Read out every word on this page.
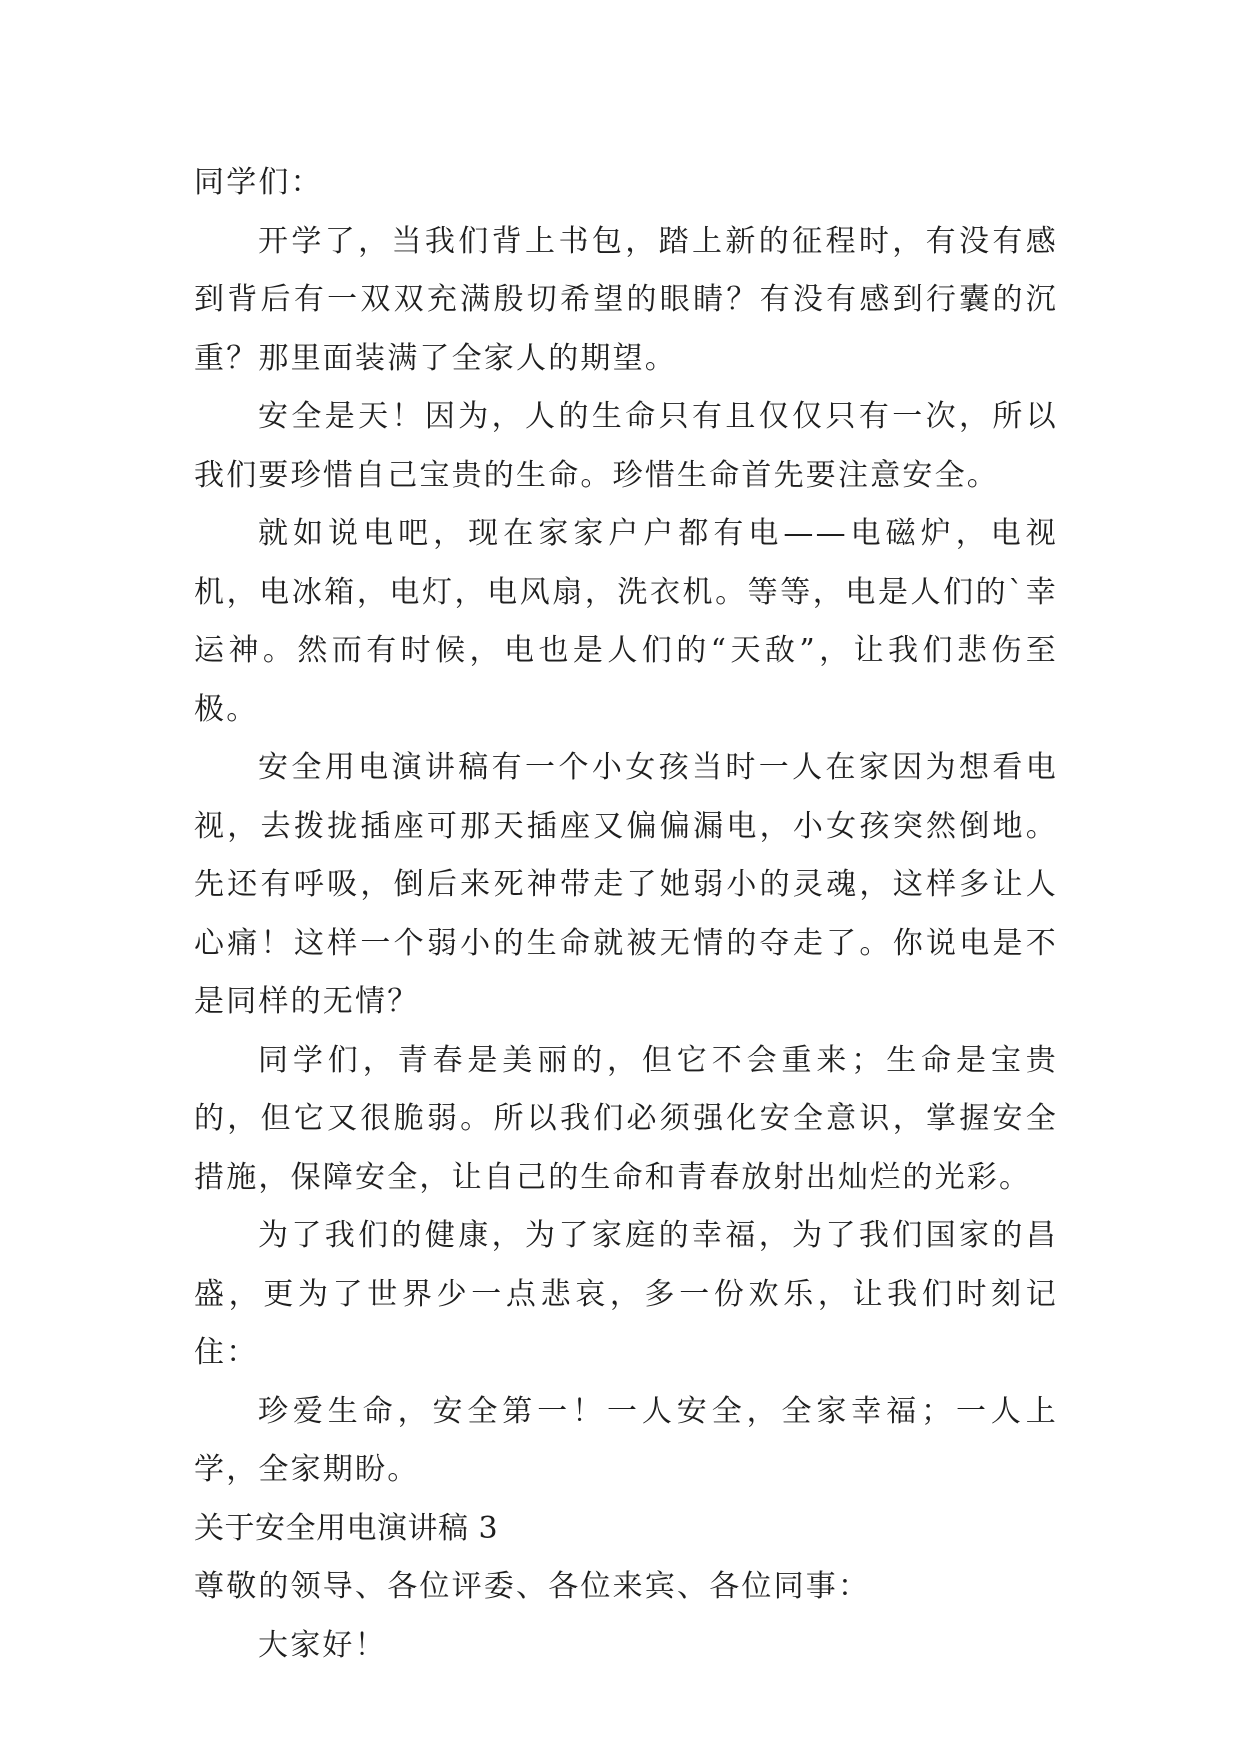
同学们：

开学了，当我们背上书包，踏上新的征程时，有没有感到背后有一双双充满殷切希望的眼睛？有没有感到行囊的沉重？那里面装满了全家人的期望。

安全是天！因为，人的生命只有且仅仅只有一次，所以我们要珍惜自己宝贵的生命。珍惜生命首先要注意安全。

就如说电吧，现在家家户户都有电——电磁炉，电视机，电冰箱，电灯，电风扇，洗衣机。等等，电是人们的`幸运神。然而有时候，电也是人们的“天敌”，让我们悲伤至极。

安全用电演讲稿有一个小女孩当时一人在家因为想看电视，去拨拢插座可那天插座又偏偏漏电，小女孩突然倒地。先还有呼吸，倒后来死神带走了她弱小的灵魂，这样多让人心痛！这样一个弱小的生命就被无情的夺走了。你说电是不是同样的无情？

同学们，青春是美丽的，但它不会重来；生命是宝贵的，但它又很脆弱。所以我们必须强化安全意识，掌握安全措施，保障安全，让自己的生命和青春放射出灿烂的光彩。

为了我们的健康，为了家庭的幸福，为了我们国家的昌盛，更为了世界少一点悲哀，多一份欢乐，让我们时刻记住：

珍爱生命，安全第一！一人安全，全家幸福；一人上学，全家期盼。

关于安全用电演讲稿 3

尊敬的领导、各位评委、各位来宾、各位同事：

大家好！
